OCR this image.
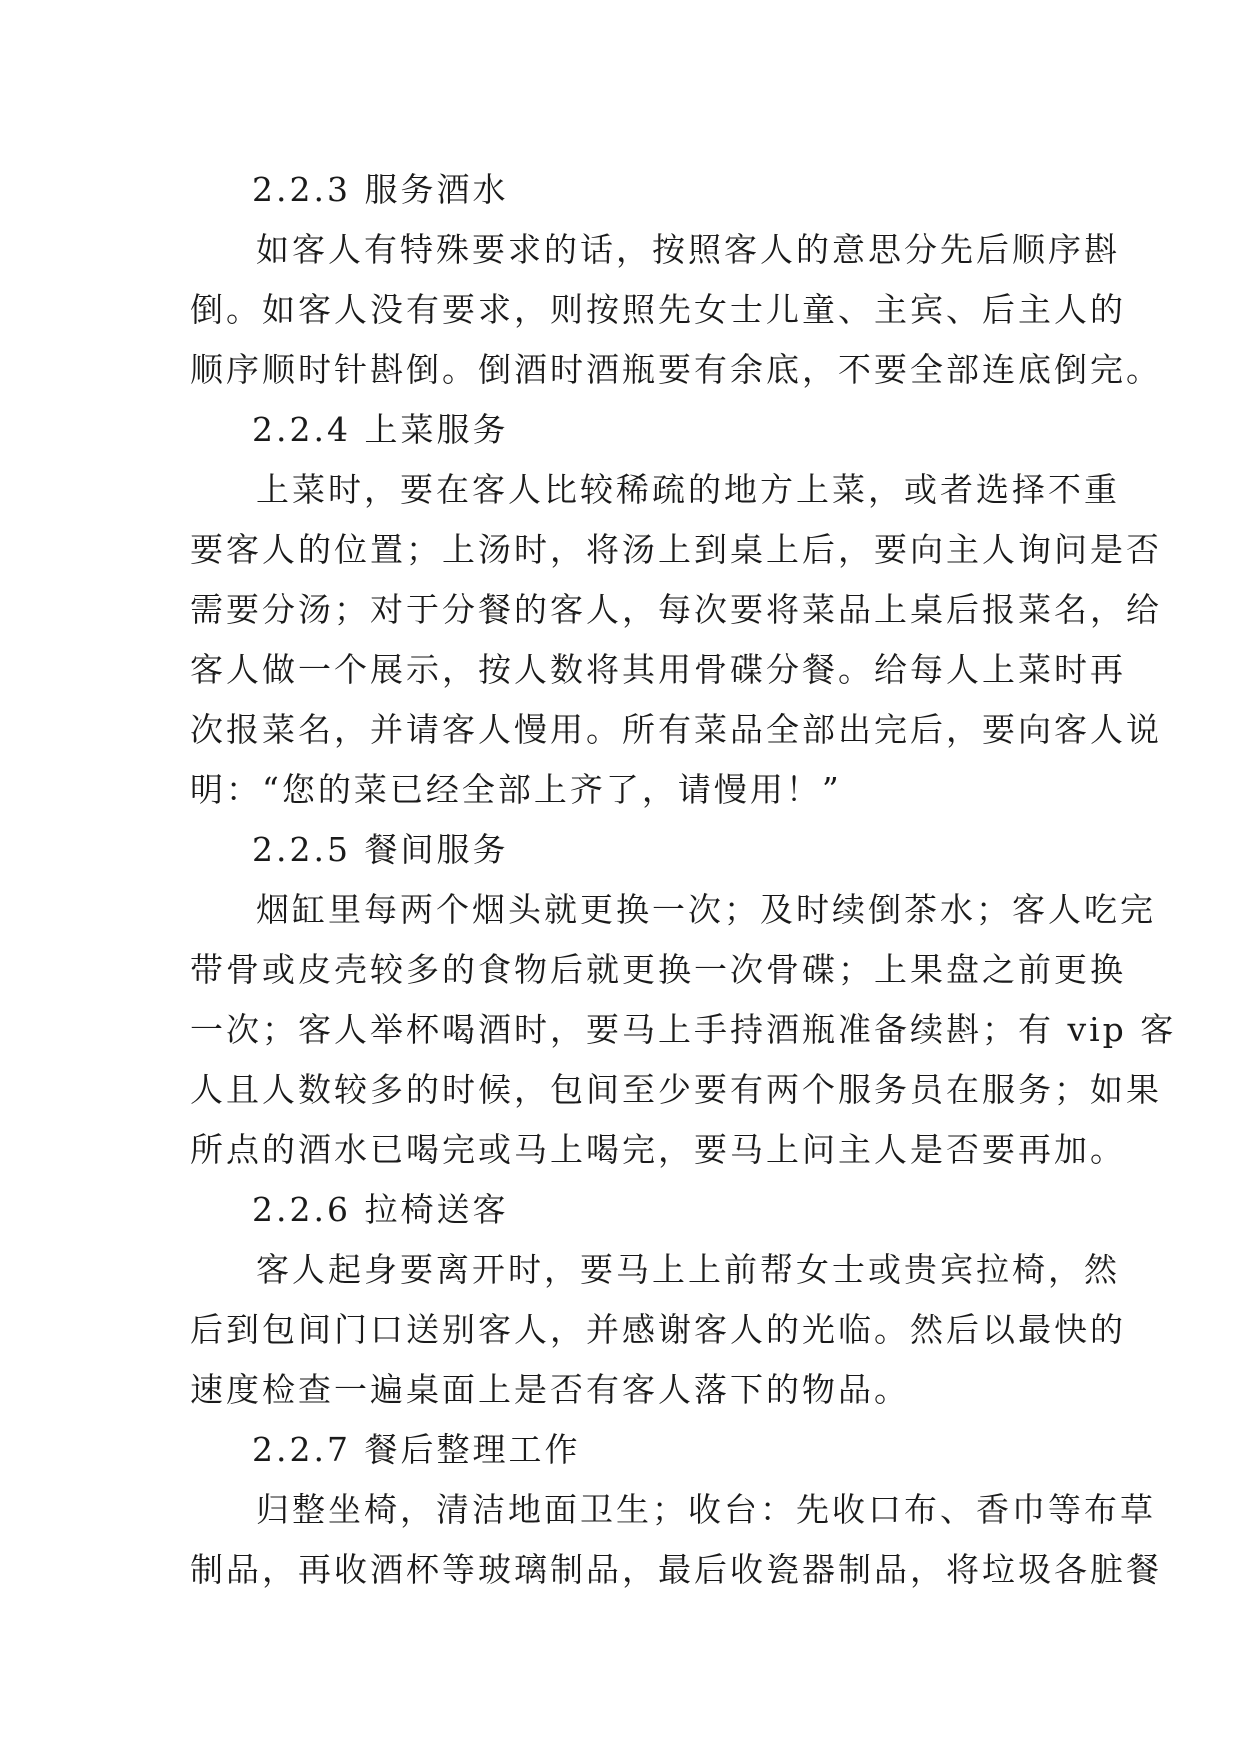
2.2.3 服务酒水
如客人有特殊要求的话，按照客人的意思分先后顺序斟
倒。如客人没有要求，则按照先女士儿童、主宾、后主人的
顺序顺时针斟倒。倒酒时酒瓶要有余底，不要全部连底倒完。
2.2.4 上菜服务
上菜时，要在客人比较稀疏的地方上菜，或者选择不重
要客人的位置；上汤时，将汤上到桌上后，要向主人询问是否
需要分汤；对于分餐的客人，每次要将菜品上桌后报菜名，给
客人做一个展示，按人数将其用骨碟分餐。给每人上菜时再
次报菜名，并请客人慢用。所有菜品全部出完后，要向客人说
明：“您的菜已经全部上齐了，请慢用！”
2.2.5 餐间服务
烟缸里每两个烟头就更换一次；及时续倒茶水；客人吃完
带骨或皮壳较多的食物后就更换一次骨碟；上果盘之前更换
一次；客人举杯喝酒时，要马上手持酒瓶准备续斟；有 vip 客
人且人数较多的时候，包间至少要有两个服务员在服务；如果
所点的酒水已喝完或马上喝完，要马上问主人是否要再加。
2.2.6 拉椅送客
客人起身要离开时，要马上上前帮女士或贵宾拉椅，然
后到包间门口送别客人，并感谢客人的光临。然后以最快的
速度检查一遍桌面上是否有客人落下的物品。
2.2.7 餐后整理工作
归整坐椅，清洁地面卫生；收台：先收口布、香巾等布草
制品，再收酒杯等玻璃制品，最后收瓷器制品，将垃圾各脏餐
